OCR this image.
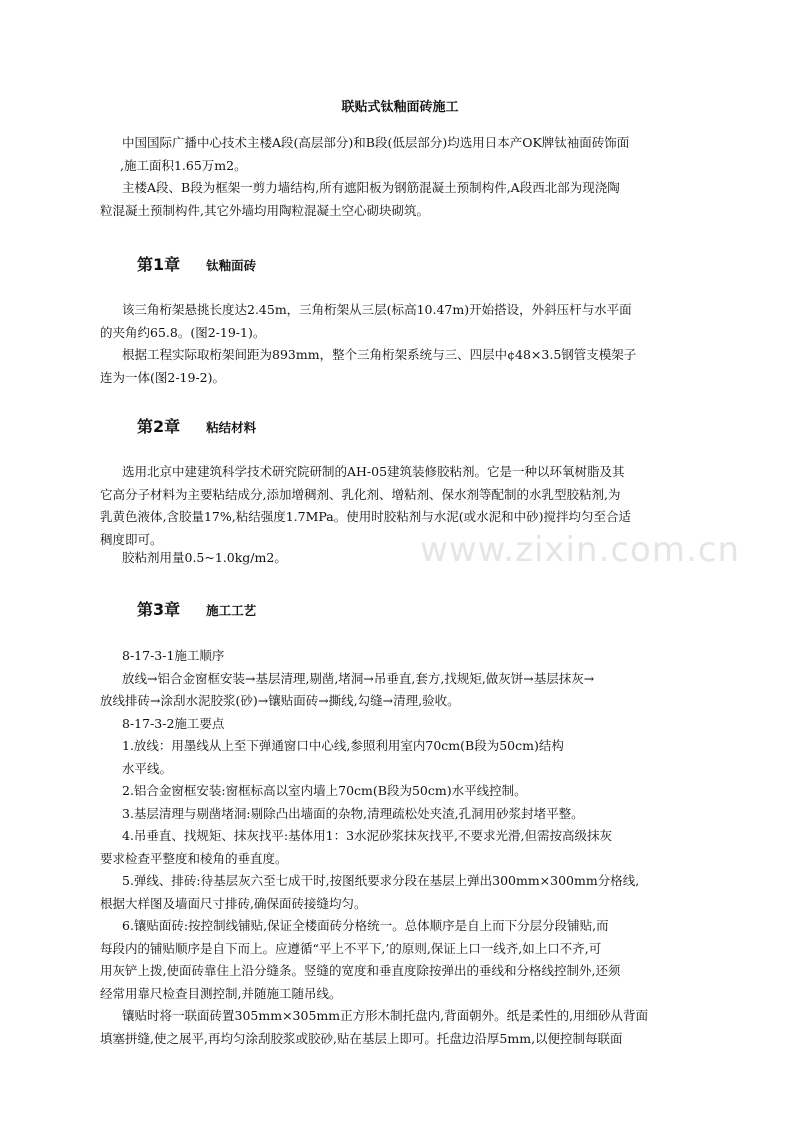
联贴式钛釉面砖施工
中国国际广播中心技术主楼A段(高层部分)和B段(低层部分)均选用日本产OK牌钛袖面砖饰面
,施工面积1.65万m2。
主楼A段、B段为框架一剪力墙结构,所有遮阳板为钢筋混凝土预制构件,A段西北部为现浇陶
粒混凝土预制构件,其它外墙均用陶粒混凝土空心砌块砌筑。
第1章 钛釉面砖
该三角桁架悬挑长度达2.45m，三角桁架从三层(标高10.47m)开始搭设，外斜压杆与水平面
的夹角约65.8。(图2-19-1)。
根据工程实际取桁架间距为893mm，整个三角桁架系统与三、四层中¢48×3.5钢管支模架子
连为一体(图2-19-2)。
第2章 粘结材料
选用北京中建建筑科学技术研究院研制的AH-05建筑装修胶粘剂。它是一种以环氧树脂及其
它高分子材料为主要粘结成分,添加增稠剂、乳化剂、增粘剂、保水剂等配制的水乳型胶粘剂,为
乳黄色液体,含胶量17%,粘结强度1.7MPa。使用时胶粘剂与水泥(或水泥和中砂)搅拌均匀至合适
稠度即可。
胶粘剂用量0.5~1.0kg/m2。	www.zixin.com.cn
第3章 施工工艺
8-17-3-1施工顺序
放线→铝合金窗框安装→基层清理,剔凿,堵洞→吊垂直,套方,找规矩,做灰饼→基层抹灰→
放线排砖→涂刮水泥胶浆(砂)→镶贴面砖→撕线,勾缝→清理,验收。
8-17-3-2施工要点
1.放线：用墨线从上至下弹通窗口中心线,参照利用室内70cm(B段为50cm)结构
水平线。
2.铝合金窗框安装:窗框标高以室内墙上70cm(B段为50cm)水平线控制。
3.基层清理与剔凿堵洞:剔除凸出墙面的杂物,清理疏松处夹渣,孔洞用砂浆封堵平整。
4.吊垂直、找规矩、抹灰找平:基体用1：3水泥砂浆抹灰找平,不要求光滑,但需按高级抹灰
要求检查平整度和棱角的垂直度。
5.弹线、排砖:待基层灰六至七成干时,按图纸要求分段在基层上弹出300mm×300mm分格线,
根据大样图及墙面尺寸排砖,确保面砖接缝均匀。
6.镶贴面砖:按控制线铺贴,保证全楼面砖分格统一。总体顺序是自上而下分层分段铺贴,而
每段内的铺贴顺序是自下而上。应遵循“平上不平下,’的原则,保证上口一线齐,如上口不齐,可
用灰铲上拨,使面砖靠住上沿分缝条。竖缝的宽度和垂直度除按弹出的垂线和分格线控制外,还须
经常用靠尺检查目测控制,并随施工随吊线。
镶贴时将一联面砖置305mm×305mm正方形木制托盘内,背面朝外。纸是柔性的,用细砂从背面
填塞拼缝,使之展平,再均匀涂刮胶浆或胶砂,贴在基层上即可。托盘边沿厚5mm,以便控制每联面
